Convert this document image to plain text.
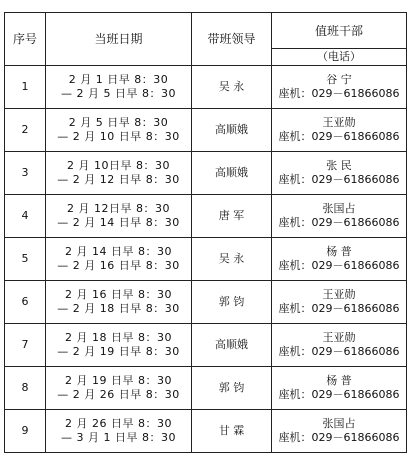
序号	当班日期	带班领导	值班干部
			（电话）
1	2 月 1 日早 8：30
— 2 月 5 日早 8：30	吴 永	谷 宁
座机：029－61866086

2	2 月 5 日早 8：30
— 2 月 10 日早 8：30	高顺娥	王亚勋
座机：029－61866086

3	2 月 10日早 8：30
— 2 月 12 日早 8：30	高顺娥	张 民
座机：029－61866086

4	2 月 12日早 8：30
— 2 月 14 日早 8：30	唐 军	张国占
座机：029－61866086

5	2 月 14 日早 8：30
— 2 月 16 日早 8：30	吴 永	杨 普
座机：029－61866086

6	2 月 16 日早 8：30
— 2 月 18 日早 8：30	郭 钧	王亚勋
座机：029－61866086

7	2 月 18 日早 8：30
— 2 月 19 日早 8：30	高顺娥	王亚勋
座机：029－61866086

8	2 月 19 日早 8：30
— 2 月 26 日早 8：30	郭 钧	杨 普
座机：029－61866086

9	2 月 26 日早 8：30
— 3 月 1 日早 8：30	甘 霖	张国占
座机：029－61866086
